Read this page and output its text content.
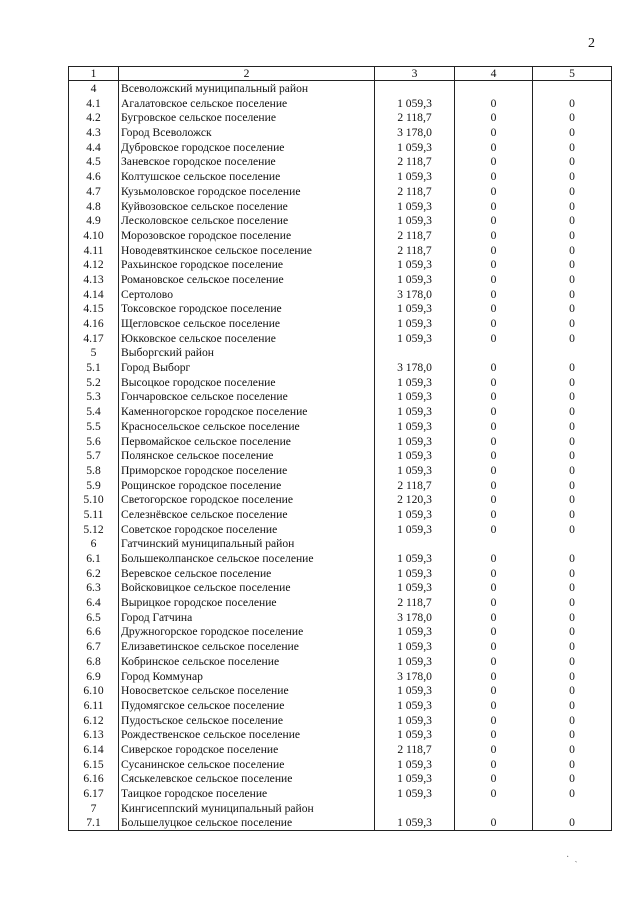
2
1	2	3	4	5
4	Всеволожский муниципальный район			
4.1	Агалатовское сельское поселение	1 059,3	0	0
4.2	Бугровское сельское поселение	2 118,7	0	0
4.3	Город Всеволожск	3 178,0	0	0
4.4	Дубровское городское поселение	1 059,3	0	0
4.5	Заневское городское поселение	2 118,7	0	0
4.6	Колтушское сельское поселение	1 059,3	0	0
4.7	Кузьмоловское городское поселение	2 118,7	0	0
4.8	Куйвозовское сельское поселение	1 059,3	0	0
4.9	Лесколовское сельское поселение	1 059,3	0	0
4.10	Морозовское городское поселение	2 118,7	0	0
4.11	Новодевяткинское сельское поселение	2 118,7	0	0
4.12	Рахьинское городское поселение	1 059,3	0	0
4.13	Романовское сельское поселение	1 059,3	0	0
4.14	Сертолово	3 178,0	0	0
4.15	Токсовское городское поселение	1 059,3	0	0
4.16	Щегловское сельское поселение	1 059,3	0	0
4.17	Юкковское сельское поселение	1 059,3	0	0
5	Выборгский район			
5.1	Город Выборг	3 178,0	0	0
5.2	Высоцкое городское поселение	1 059,3	0	0
5.3	Гончаровское сельское поселение	1 059,3	0	0
5.4	Каменногорское городское поселение	1 059,3	0	0
5.5	Красносельское сельское поселение	1 059,3	0	0
5.6	Первомайское сельское поселение	1 059,3	0	0
5.7	Полянское сельское поселение	1 059,3	0	0
5.8	Приморское городское поселение	1 059,3	0	0
5.9	Рощинское городское поселение	2 118,7	0	0
5.10	Светогорское городское поселение	2 120,3	0	0
5.11	Селезнёвское сельское поселение	1 059,3	0	0
5.12	Советское городское поселение	1 059,3	0	0
6	Гатчинский муниципальный район			
6.1	Большеколпанское сельское поселение	1 059,3	0	0
6.2	Веревское сельское поселение	1 059,3	0	0
6.3	Войсковицкое сельское поселение	1 059,3	0	0
6.4	Вырицкое городское поселение	2 118,7	0	0
6.5	Город Гатчина	3 178,0	0	0
6.6	Дружногорское городское поселение	1 059,3	0	0
6.7	Елизаветинское сельское поселение	1 059,3	0	0
6.8	Кобринское сельское поселение	1 059,3	0	0
6.9	Город Коммунар	3 178,0	0	0
6.10	Новосветское сельское поселение	1 059,3	0	0
6.11	Пудомягское сельское поселение	1 059,3	0	0
6.12	Пудостьское сельское поселение	1 059,3	0	0
6.13	Рождественское сельское поселение	1 059,3	0	0
6.14	Сиверское городское поселение	2 118,7	0	0
6.15	Сусанинское сельское поселение	1 059,3	0	0
6.16	Сяськелевское сельское поселение	1 059,3	0	0
6.17	Таицкое городское поселение	1 059,3	0	0
7	Кингисеппский муниципальный район			
7.1	Большелуцкое сельское поселение	1 059,3	0	0
·  ˎ
